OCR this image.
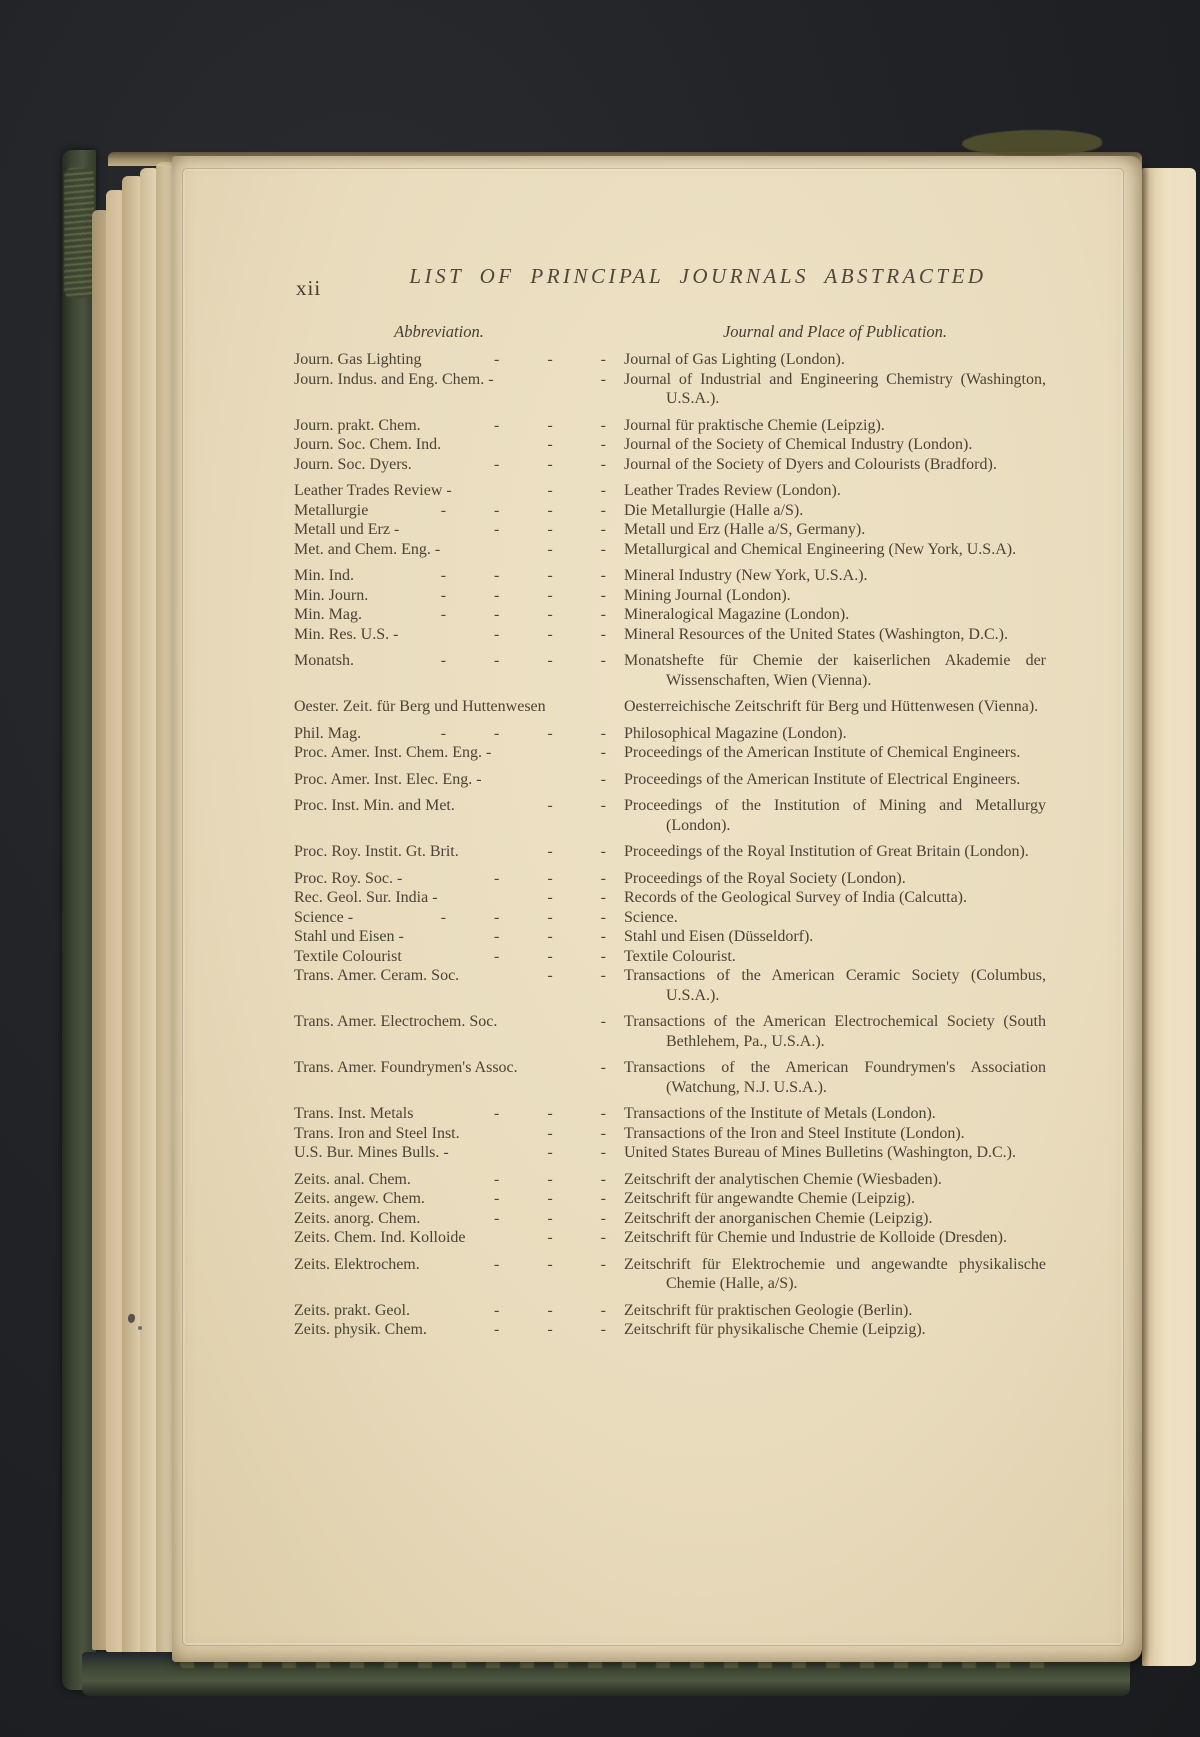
xii	LIST OF PRINCIPAL JOURNALS ABSTRACTED
Abbreviation.	Journal and Place of Publication.
Journ. Gas Lighting	- - -	Journal of Gas Lighting (London).
Journ. Indus. and Eng. Chem. -	-	Journal of Industrial and Engineering Chemistry (Washington, U.S.A.).
Journ. prakt. Chem.	- - -	Journal für praktische Chemie (Leipzig).
Journ. Soc. Chem. Ind.	- -	Journal of the Society of Chemical Industry (London).
Journ. Soc. Dyers.	- - -	Journal of the Society of Dyers and Colourists (Bradford).
Leather Trades Review -	- -	Leather Trades Review (London).
Metallurgie	- - - -	Die Metallurgie (Halle a/S).
Metall und Erz -	- - -	Metall und Erz (Halle a/S, Germany).
Met. and Chem. Eng. -	- -	Metallurgical and Chemical Engineering (New York, U.S.A).
Min. Ind.	- - - -	Mineral Industry (New York, U.S.A.).
Min. Journ.	- - - -	Mining Journal (London).
Min. Mag.	- - - -	Mineralogical Magazine (London).
Min. Res. U.S. -	- - -	Mineral Resources of the United States (Washington, D.C.).
Monatsh.	- - - -	Monatshefte für Chemie der kaiserlichen Akademie der Wissenschaften, Wien (Vienna).
Oester. Zeit. für Berg und Huttenwesen	Oesterreichische Zeitschrift für Berg und Hüttenwesen (Vienna).
Phil. Mag.	- - - -	Philosophical Magazine (London).
Proc. Amer. Inst. Chem. Eng. -	-	Proceedings of the American Institute of Chemical Engineers.
Proc. Amer. Inst. Elec. Eng. -	-	Proceedings of the American Institute of Electrical Engineers.
Proc. Inst. Min. and Met.	- -	Proceedings of the Institution of Mining and Metallurgy (London).
Proc. Roy. Instit. Gt. Brit.	- -	Proceedings of the Royal Institution of Great Britain (London).
Proc. Roy. Soc. -	- - -	Proceedings of the Royal Society (London).
Rec. Geol. Sur. India -	- -	Records of the Geological Survey of India (Calcutta).
Science -	- - - -	Science.
Stahl und Eisen -	- - -	Stahl und Eisen (Düsseldorf).
Textile Colourist	- - -	Textile Colourist.
Trans. Amer. Ceram. Soc.	- -	Transactions of the American Ceramic Society (Columbus, U.S.A.).
Trans. Amer. Electrochem. Soc.	-	Transactions of the American Electrochemical Society (South Bethlehem, Pa., U.S.A.).
Trans. Amer. Foundrymen's Assoc.	-	Transactions of the American Foundrymen's Association (Watchung, N.J. U.S.A.).
Trans. Inst. Metals	- - -	Transactions of the Institute of Metals (London).
Trans. Iron and Steel Inst.	- -	Transactions of the Iron and Steel Institute (London).
U.S. Bur. Mines Bulls. -	- -	United States Bureau of Mines Bulletins (Washington, D.C.).
Zeits. anal. Chem.	- - -	Zeitschrift der analytischen Chemie (Wiesbaden).
Zeits. angew. Chem.	- - -	Zeitschrift für angewandte Chemie (Leipzig).
Zeits. anorg. Chem.	- - -	Zeitschrift der anorganischen Chemie (Leipzig).
Zeits. Chem. Ind. Kolloide	- -	Zeitschrift für Chemie und Industrie de Kolloide (Dresden).
Zeits. Elektrochem.	- - -	Zeitschrift für Elektrochemie und angewandte physikalische Chemie (Halle, a/S).
Zeits. prakt. Geol.	- - -	Zeitschrift für praktischen Geologie (Berlin).
Zeits. physik. Chem.	- - -	Zeitschrift für physikalische Chemie (Leipzig).
